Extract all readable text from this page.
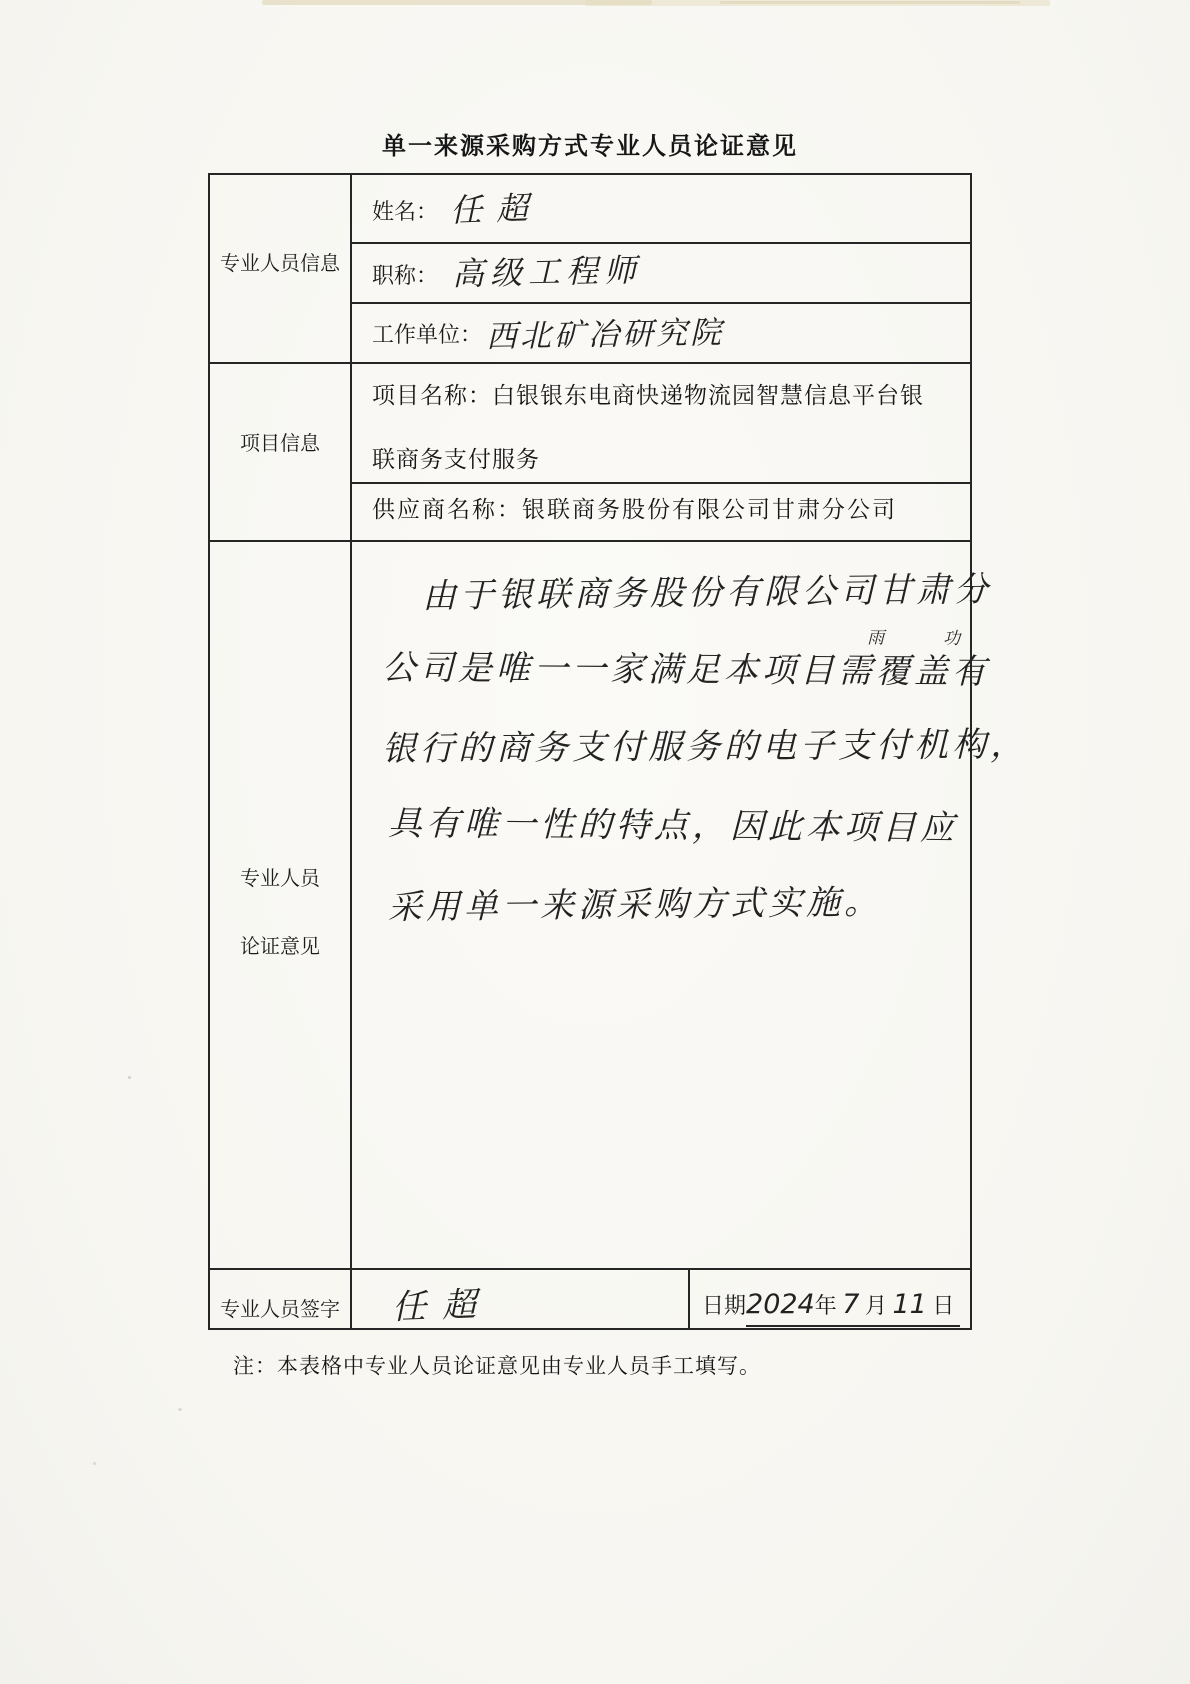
单一来源采购方式专业人员论证意见
专业人员信息
姓名： 任超
职称： 高级工程师
工作单位： 西北矿冶研究院
项目信息
项目名称：白银银东电商快递物流园智慧信息平台银
联商务支付服务
供应商名称：银联商务股份有限公司甘肃分公司
专业人员
论证意见
由于银联商务股份有限公司甘肃分
公司是唯一一家满足本项目需
雨
覆盖
功
有
银行的商务支付服务的电子支付机构，
具有唯一性的特点，因此本项目应
采用单一来源采购方式实施。
专业人员签字 任超	日期2024年 7 月 11 日
注：本表格中专业人员论证意见由专业人员手工填写。
